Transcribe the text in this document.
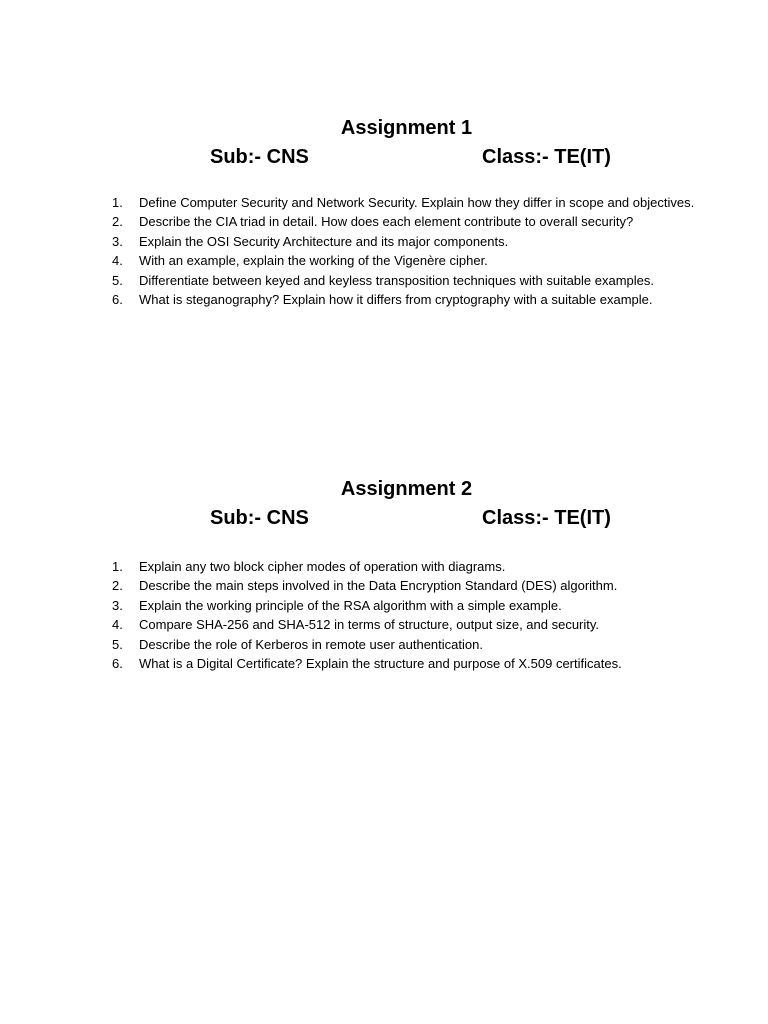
Assignment 1
Sub:- CNS	Class:- TE(IT)
1.	Define Computer Security and Network Security. Explain how they differ in scope and objectives.
2.	Describe the CIA triad in detail. How does each element contribute to overall security?
3.	Explain the OSI Security Architecture and its major components.
4.	With an example, explain the working of the Vigenère cipher.
5.	Differentiate between keyed and keyless transposition techniques with suitable examples.
6.	What is steganography? Explain how it differs from cryptography with a suitable example.
Assignment 2
Sub:- CNS	Class:- TE(IT)
1.	Explain any two block cipher modes of operation with diagrams.
2.	Describe the main steps involved in the Data Encryption Standard (DES) algorithm.
3.	Explain the working principle of the RSA algorithm with a simple example.
4.	Compare SHA-256 and SHA-512 in terms of structure, output size, and security.
5.	Describe the role of Kerberos in remote user authentication.
6.	What is a Digital Certificate? Explain the structure and purpose of X.509 certificates.
